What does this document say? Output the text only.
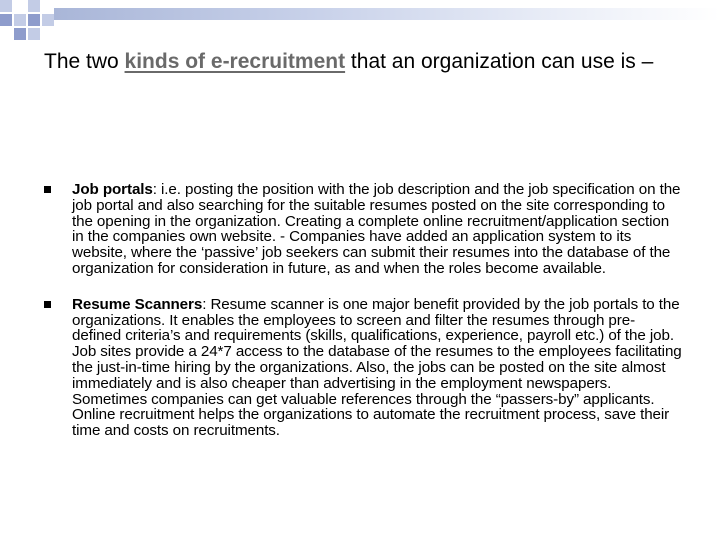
The two kinds of e-recruitment that an organization can use is –

Job portals: i.e. posting the position with the job description and the job specification on the job portal and also searching for the suitable resumes posted on the site corresponding to the opening in the organization. Creating a complete online recruitment/application section in the companies own website. - Companies have added an application system to its website, where the ‘passive’ job seekers can submit their resumes into the database of the organization for consideration in future, as and when the roles become available.

Resume Scanners: Resume scanner is one major benefit provided by the job portals to the organizations. It enables the employees to screen and filter the resumes through pre-defined criteria’s and requirements (skills, qualifications, experience, payroll etc.) of the job.

Job sites provide a 24*7 access to the database of the resumes to the employees facilitating the just-in-time hiring by the organizations. Also, the jobs can be posted on the site almost immediately and is also cheaper than advertising in the employment newspapers. Sometimes companies can get valuable references through the “passers-by” applicants. Online recruitment helps the organizations to automate the recruitment process, save their time and costs on recruitments.
